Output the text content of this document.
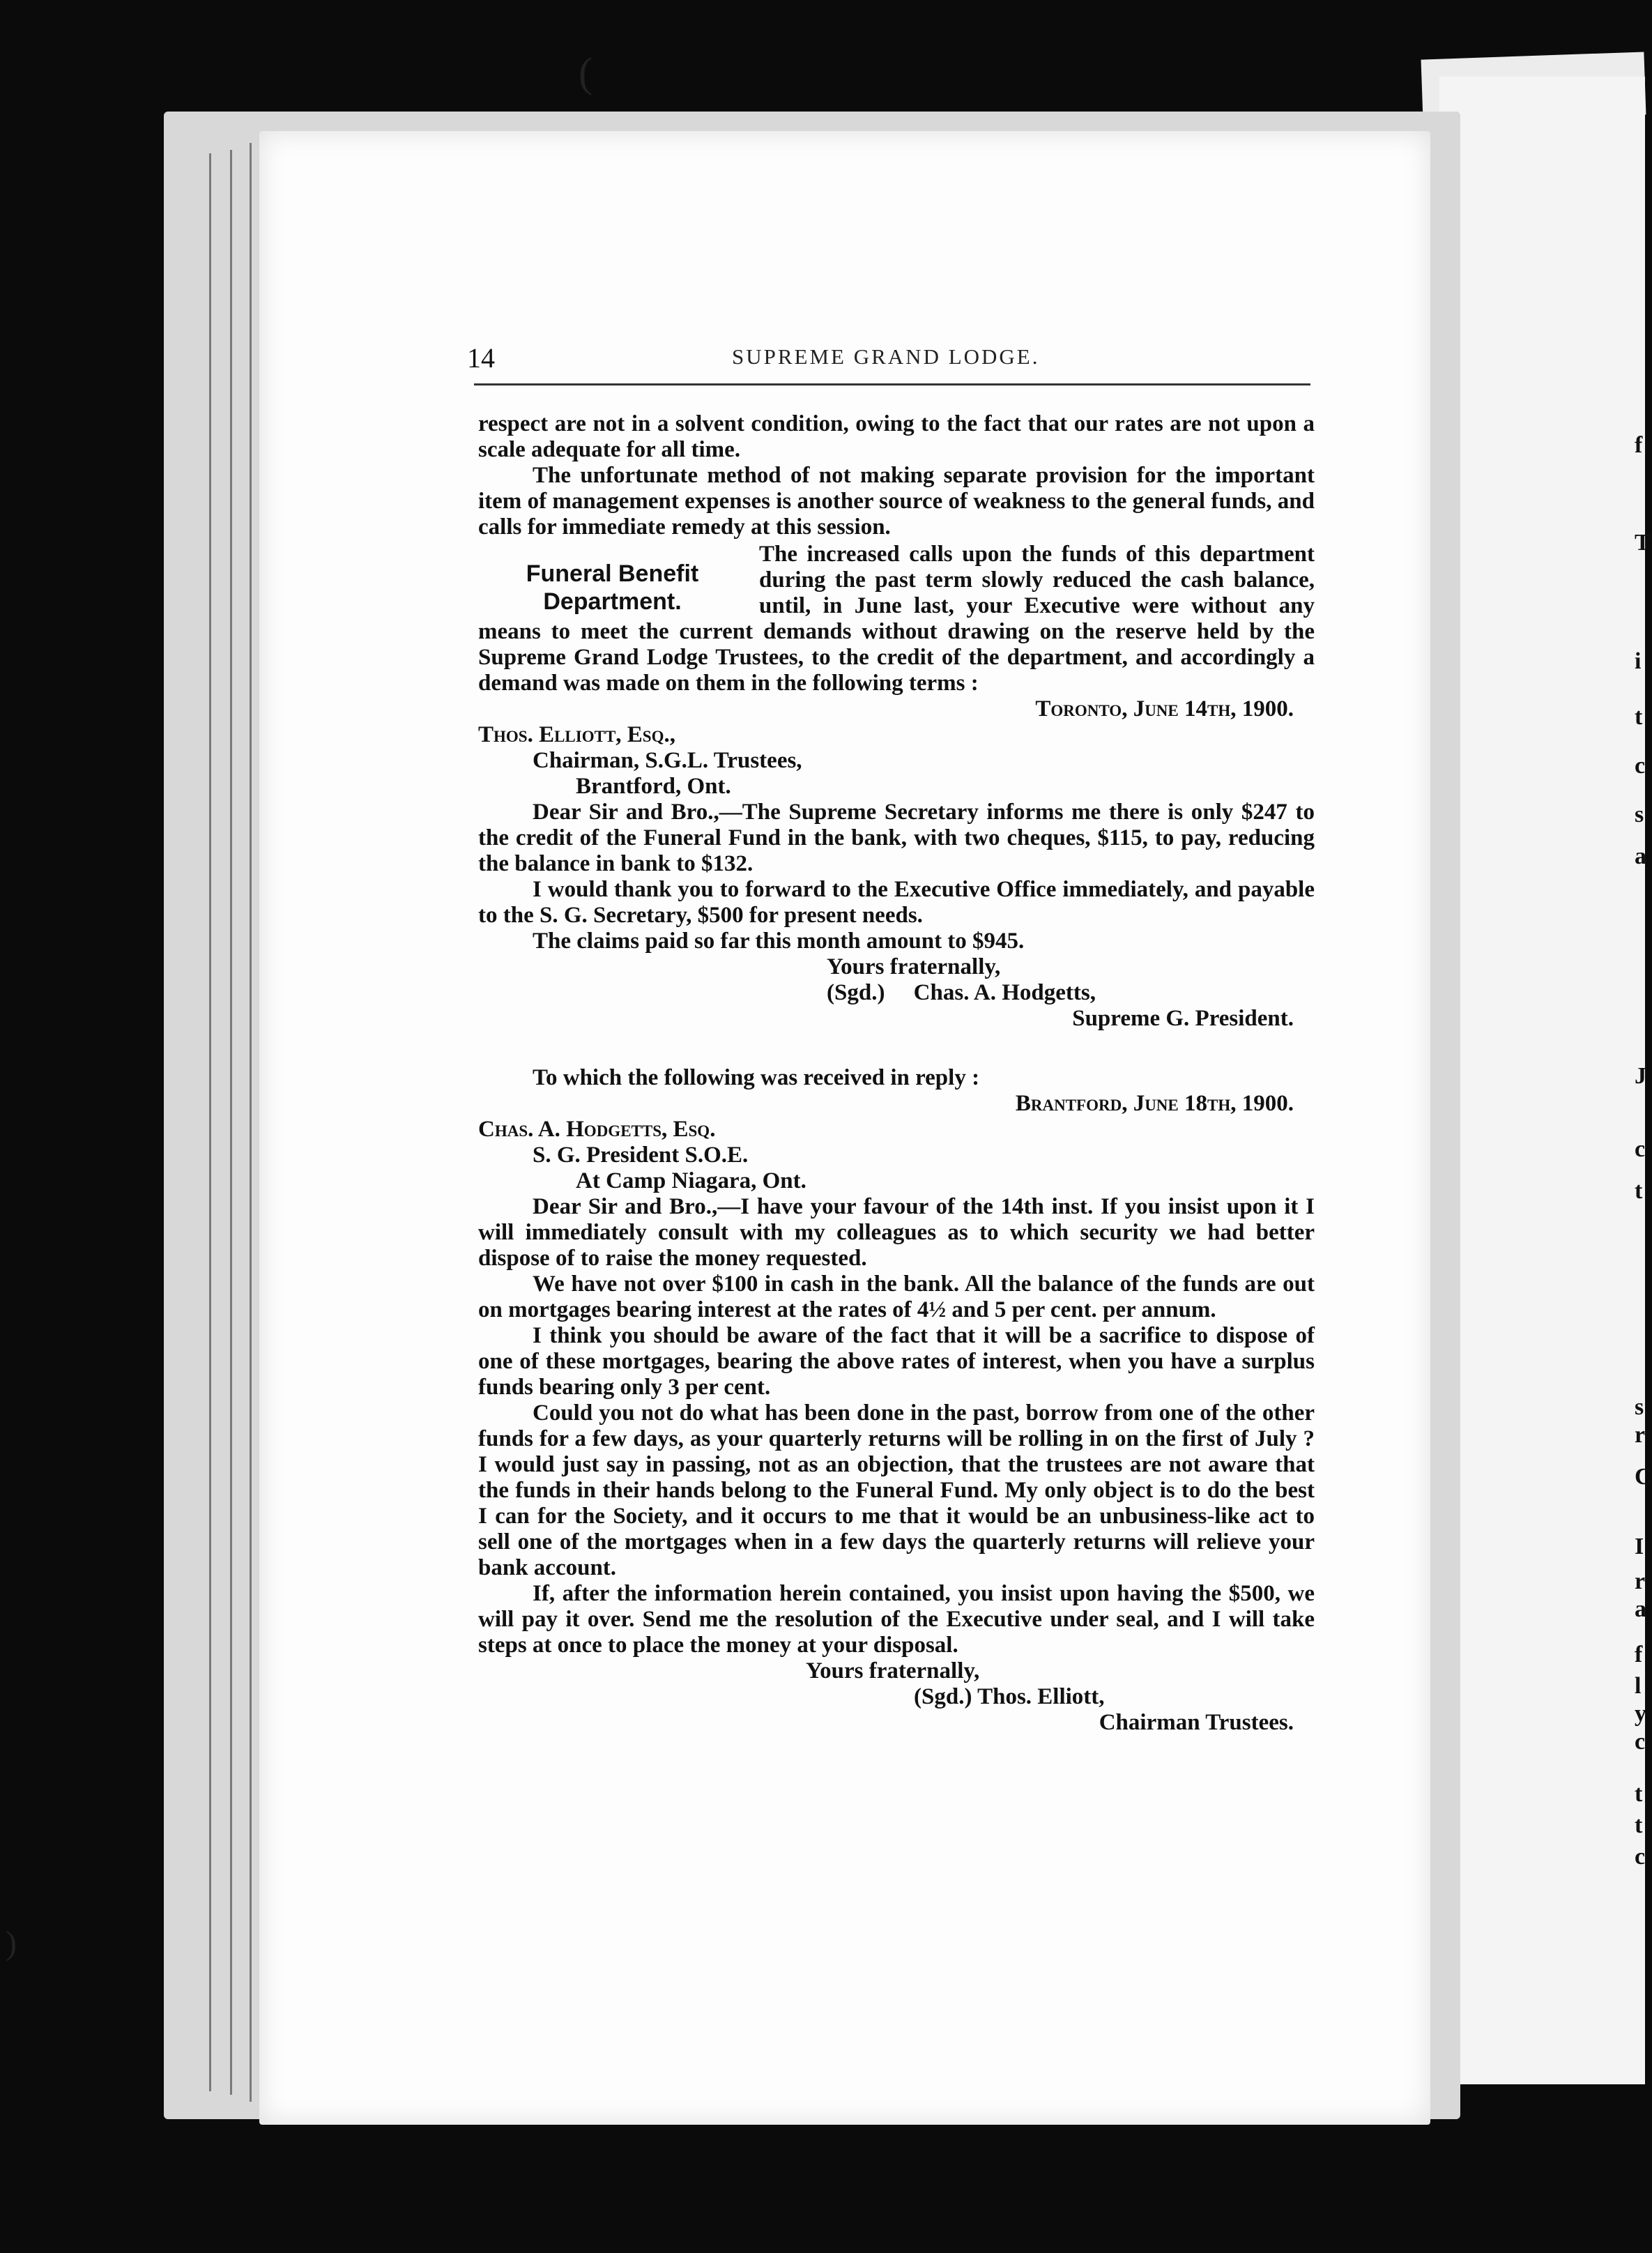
(
)
f
T
i
t
c
s
a
J
c
t
s
r
C
I
r
a
f
l
y
c
t
t
c
14	SUPREME GRAND LODGE.

respect are not in a solvent condition, owing to the fact that our rates are not upon a scale adequate for all time.

The unfortunate method of not making separate provision for the important item of management expenses is another source of weakness to the general funds, and calls for immediate remedy at this session.

Funeral Benefit Department.

The increased calls upon the funds of this department during the past term slowly reduced the cash balance, until, in June last, your Executive were without any means to meet the current demands without drawing on the reserve held by the Supreme Grand Lodge Trustees, to the credit of the department, and accordingly a demand was made on them in the following terms :

Toronto, June 14th, 1900.

Thos. Elliott, Esq.,

Chairman, S.G.L. Trustees,

Brantford, Ont.

Dear Sir and Bro.,—The Supreme Secretary informs me there is only $247 to the credit of the Funeral Fund in the bank, with two cheques, $115, to pay, reducing the balance in bank to $132.

I would thank you to forward to the Executive Office immediately, and payable to the S. G. Secretary, $500 for present needs.

The claims paid so far this month amount to $945.

Yours fraternally,

(Sgd.)     Chas. A. Hodgetts,

Supreme G. President.

To which the following was received in reply :

Brantford, June 18th, 1900.

Chas. A. Hodgetts, Esq.

S. G. President S.O.E.

At Camp Niagara, Ont.

Dear Sir and Bro.,—I have your favour of the 14th inst. If you insist upon it I will immediately consult with my colleagues as to which security we had better dispose of to raise the money requested.

We have not over $100 in cash in the bank. All the balance of the funds are out on mortgages bearing interest at the rates of 4½ and 5 per cent. per annum.

I think you should be aware of the fact that it will be a sacrifice to dispose of one of these mortgages, bearing the above rates of interest, when you have a surplus funds bearing only 3 per cent.

Could you not do what has been done in the past, borrow from one of the other funds for a few days, as your quarterly returns will be rolling in on the first of July ? I would just say in passing, not as an objection, that the trustees are not aware that the funds in their hands belong to the Funeral Fund. My only object is to do the best I can for the Society, and it occurs to me that it would be an unbusiness-like act to sell one of the mortgages when in a few days the quarterly returns will relieve your bank account.

If, after the information herein contained, you insist upon having the $500, we will pay it over. Send me the resolution of the Executive under seal, and I will take steps at once to place the money at your disposal.

Yours fraternally,

(Sgd.) Thos. Elliott,

Chairman Trustees.
